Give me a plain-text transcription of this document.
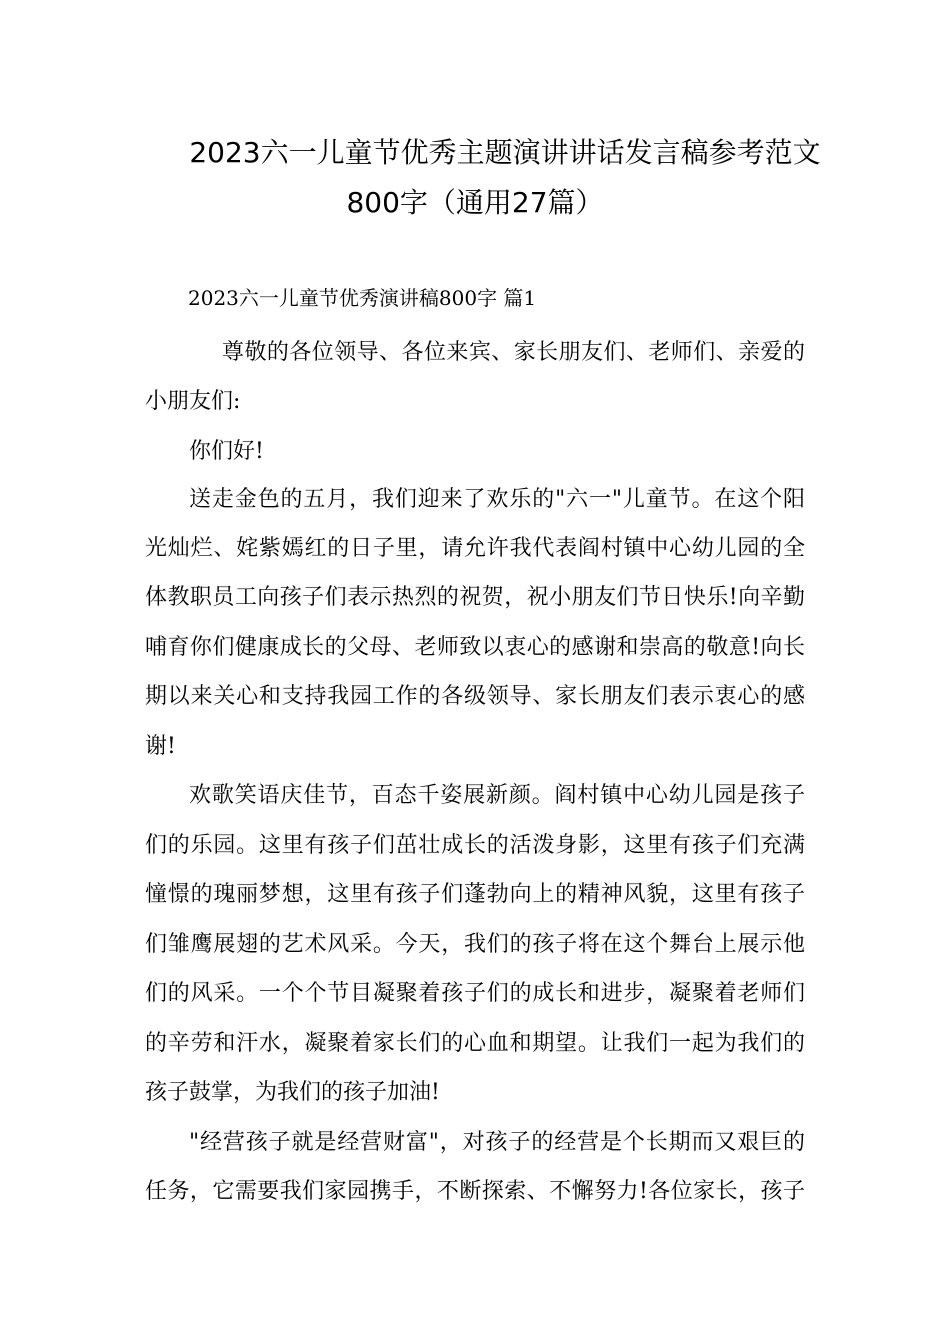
2023六一儿童节优秀主题演讲讲话发言稿参考范文
800字（通用27篇）
2023六一儿童节优秀演讲稿800字 篇1
尊敬的各位领导、各位来宾、家长朋友们、老师们、亲爱的
小朋友们:
你们好!
送走金色的五月，我们迎来了欢乐的"六一"儿童节。在这个阳
光灿烂、姹紫嫣红的日子里，请允许我代表阎村镇中心幼儿园的全
体教职员工向孩子们表示热烈的祝贺，祝小朋友们节日快乐!向辛勤
哺育你们健康成长的父母、老师致以衷心的感谢和崇高的敬意!向长
期以来关心和支持我园工作的各级领导、家长朋友们表示衷心的感
谢!
欢歌笑语庆佳节，百态千姿展新颜。阎村镇中心幼儿园是孩子
们的乐园。这里有孩子们茁壮成长的活泼身影，这里有孩子们充满
憧憬的瑰丽梦想，这里有孩子们蓬勃向上的精神风貌，这里有孩子
们雏鹰展翅的艺术风采。今天，我们的孩子将在这个舞台上展示他
们的风采。一个个节目凝聚着孩子们的成长和进步，凝聚着老师们
的辛劳和汗水，凝聚着家长们的心血和期望。让我们一起为我们的
孩子鼓掌，为我们的孩子加油!
"经营孩子就是经营财富"，对孩子的经营是个长期而又艰巨的
任务，它需要我们家园携手，不断探索、不懈努力!各位家长，孩子
